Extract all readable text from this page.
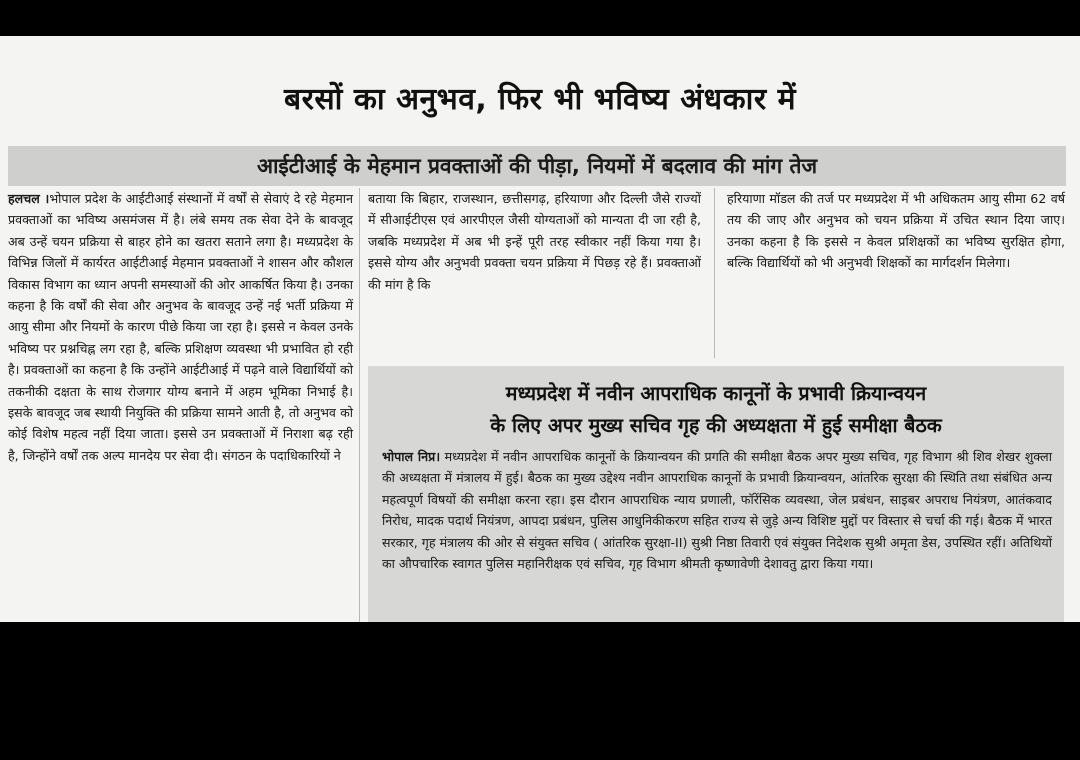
बरसों का अनुभव, फिर भी भविष्य अंधकार में
आईटीआई के मेहमान प्रवक्ताओं की पीड़ा, नियमों में बदलाव की मांग तेज

हलचल ।भोपाल प्रदेश के आईटीआई संस्थानों में वर्षों से सेवाएं दे रहे मेहमान प्रवक्ताओं का भविष्य असमंजस में है। लंबे समय तक सेवा देने के बावजूद अब उन्हें चयन प्रक्रिया से बाहर होने का खतरा सताने लगा है। मध्यप्रदेश के विभिन्न जिलों में कार्यरत आईटीआई मेहमान प्रवक्ताओं ने शासन और कौशल विकास विभाग का ध्यान अपनी समस्याओं की ओर आकर्षित किया है। उनका कहना है कि वर्षों की सेवा और अनुभव के बावजूद उन्हें नई भर्ती प्रक्रिया में आयु सीमा और नियमों के कारण पीछे किया जा रहा है। इससे न केवल उनके भविष्य पर प्रश्नचिह्न लग रहा है, बल्कि प्रशिक्षण व्यवस्था भी प्रभावित हो रही है। प्रवक्ताओं का कहना है कि उन्होंने आईटीआई में पढ़ने वाले विद्यार्थियों को तकनीकी दक्षता के साथ रोजगार योग्य बनाने में अहम भूमिका निभाई है। इसके बावजूद जब स्थायी नियुक्ति की प्रक्रिया सामने आती है, तो अनुभव को कोई विशेष महत्व नहीं दिया जाता। इससे उन प्रवक्ताओं में निराशा बढ़ रही है, जिन्होंने वर्षों तक अल्प मानदेय पर सेवा दी। संगठन के पदाधिकारियों ने

बताया कि बिहार, राजस्थान, छत्तीसगढ़, हरियाणा और दिल्ली जैसे राज्यों में सीआईटीएस एवं आरपीएल जैसी योग्यताओं को मान्यता दी जा रही है, जबकि मध्यप्रदेश में अब भी इन्हें पूरी तरह स्वीकार नहीं किया गया है। इससे योग्य और अनुभवी प्रवक्ता चयन प्रक्रिया में पिछड़ रहे हैं। प्रवक्ताओं की मांग है कि

हरियाणा मॉडल की तर्ज पर मध्यप्रदेश में भी अधिकतम आयु सीमा 62 वर्ष तय की जाए और अनुभव को चयन प्रक्रिया में उचित स्थान दिया जाए। उनका कहना है कि इससे न केवल प्रशिक्षकों का भविष्य सुरक्षित होगा, बल्कि विद्यार्थियों को भी अनुभवी शिक्षकों का मार्गदर्शन मिलेगा।

मध्यप्रदेश में नवीन आपराधिक कानूनों के प्रभावी क्रियान्वयन
के लिए अपर मुख्य सचिव गृह की अध्यक्षता में हुई समीक्षा बैठक

भोपाल निप्र। मध्यप्रदेश में नवीन आपराधिक कानूनों के क्रियान्वयन की प्रगति की समीक्षा बैठक अपर मुख्य सचिव, गृह विभाग श्री शिव शेखर शुक्ला की अध्यक्षता में मंत्रालय में हुई। बैठक का मुख्य उद्देश्य नवीन आपराधिक कानूनों के प्रभावी क्रियान्वयन, आंतरिक सुरक्षा की स्थिति तथा संबंधित अन्य महत्वपूर्ण विषयों की समीक्षा करना रहा। इस दौरान आपराधिक न्याय प्रणाली, फॉरेंसिक व्यवस्था, जेल प्रबंधन, साइबर अपराध नियंत्रण, आतंकवाद निरोध, मादक पदार्थ नियंत्रण, आपदा प्रबंधन, पुलिस आधुनिकीकरण सहित राज्य से जुड़े अन्य विशिष्ट मुद्दों पर विस्तार से चर्चा की गई। बैठक में भारत सरकार, गृह मंत्रालय की ओर से संयुक्त सचिव ( आंतरिक सुरक्षा-II) सुश्री निष्ठा तिवारी एवं संयुक्त निदेशक सुश्री अमृता डेस, उपस्थित रहीं। अतिथियों का औपचारिक स्वागत पुलिस महानिरीक्षक एवं सचिव, गृह विभाग श्रीमती कृष्णावेणी देशावतु द्वारा किया गया।
